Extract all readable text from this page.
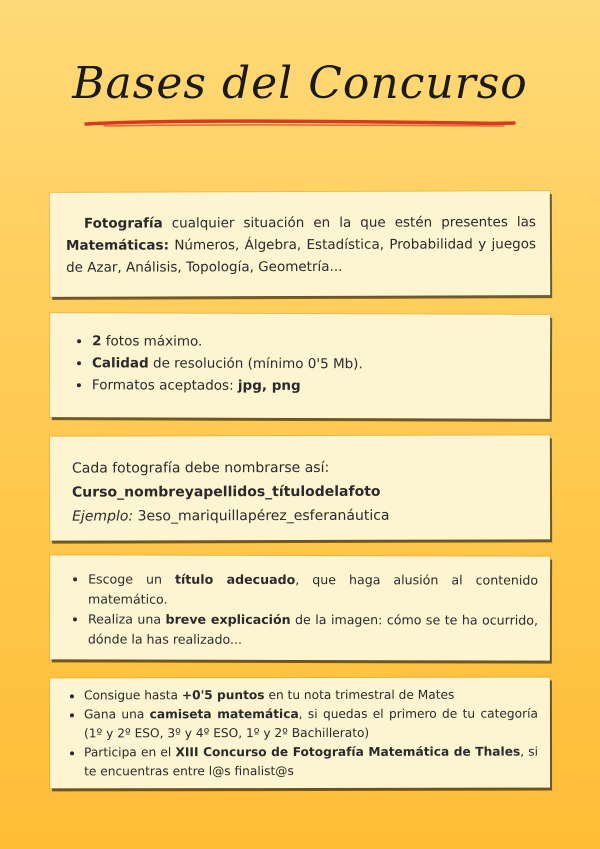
Bases del Concurso
Fotografía cualquier situación en la que estén presentes las Matemáticas: Números, Álgebra, Estadística, Probabilidad y juegos de Azar, Análisis, Topología, Geometría...
• 2 fotos máximo.
• Calidad de resolución (mínimo 0'5 Mb).
• Formatos aceptados: jpg, png
Cada fotografía debe nombrarse así:
Curso_nombreyapellidos_títulodelafoto
Ejemplo: 3eso_mariquillapérez_esferanáutica
• Escoge un título adecuado, que haga alusión al contenido matemático.
• Realiza una breve explicación de la imagen: cómo se te ha ocurrido, dónde la has realizado...
• Consigue hasta +0'5 puntos en tu nota trimestral de Mates
• Gana una camiseta matemática, si quedas el primero de tu categoría (1º y 2º ESO, 3º y 4º ESO, 1º y 2º Bachillerato)
• Participa en el XIII Concurso de Fotografía Matemática de Thales, si te encuentras entre l@s finalist@s
